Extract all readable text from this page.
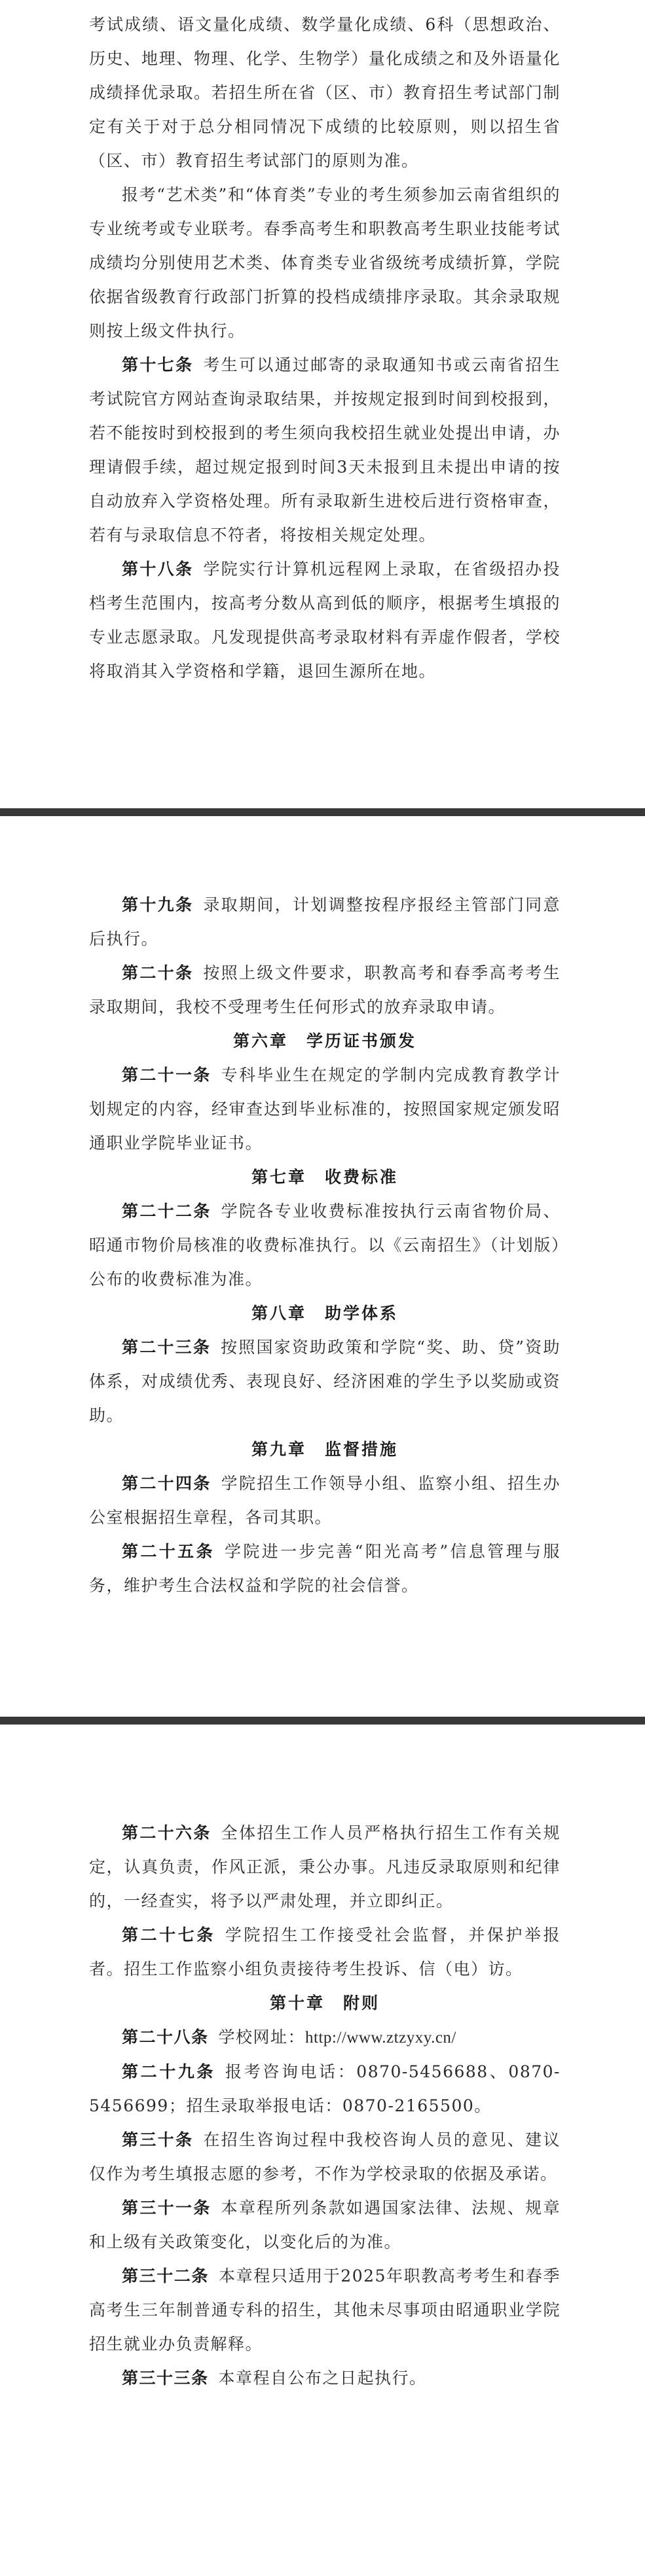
考试成绩、语文量化成绩、数学量化成绩、6科（思想政治、历史、地理、物理、化学、生物学）量化成绩之和及外语量化成绩择优录取。若招生所在省（区、市）教育招生考试部门制定有关于对于总分相同情况下成绩的比较原则，则以招生省（区、市）教育招生考试部门的原则为准。

报考“艺术类”和“体育类”专业的考生须参加云南省组织的专业统考或专业联考。春季高考生和职教高考生职业技能考试成绩均分别使用艺术类、体育类专业省级统考成绩折算，学院依据省级教育行政部门折算的投档成绩排序录取。其余录取规则按上级文件执行。

第十七条 考生可以通过邮寄的录取通知书或云南省招生考试院官方网站查询录取结果，并按规定报到时间到校报到，若不能按时到校报到的考生须向我校招生就业处提出申请，办理请假手续，超过规定报到时间3天未报到且未提出申请的按自动放弃入学资格处理。所有录取新生进校后进行资格审查，若有与录取信息不符者，将按相关规定处理。

第十八条 学院实行计算机远程网上录取，在省级招办投档考生范围内，按高考分数从高到低的顺序，根据考生填报的专业志愿录取。凡发现提供高考录取材料有弄虚作假者，学校将取消其入学资格和学籍，退回生源所在地。

第十九条 录取期间，计划调整按程序报经主管部门同意后执行。

第二十条 按照上级文件要求，职教高考和春季高考考生录取期间，我校不受理考生任何形式的放弃录取申请。

第六章　学历证书颁发

第二十一条 专科毕业生在规定的学制内完成教育教学计划规定的内容，经审查达到毕业标准的，按照国家规定颁发昭通职业学院毕业证书。

第七章　收费标准

第二十二条 学院各专业收费标准按执行云南省物价局、昭通市物价局核准的收费标准执行。以《云南招生》（计划版）公布的收费标准为准。

第八章　助学体系

第二十三条 按照国家资助政策和学院“奖、助、贷”资助体系，对成绩优秀、表现良好、经济困难的学生予以奖励或资助。

第九章　监督措施

第二十四条 学院招生工作领导小组、监察小组、招生办公室根据招生章程，各司其职。

第二十五条 学院进一步完善“阳光高考”信息管理与服务，维护考生合法权益和学院的社会信誉。

第二十六条 全体招生工作人员严格执行招生工作有关规定，认真负责，作风正派，秉公办事。凡违反录取原则和纪律的，一经查实，将予以严肃处理，并立即纠正。

第二十七条 学院招生工作接受社会监督，并保护举报者。招生工作监察小组负责接待考生投诉、信（电）访。

第十章　附则

第二十八条 学校网址：http://www.ztzyxy.cn/

第二十九条 报考咨询电话：0870-5456688、0870-5456699；招生录取举报电话：0870-2165500。

第三十条 在招生咨询过程中我校咨询人员的意见、建议仅作为考生填报志愿的参考，不作为学校录取的依据及承诺。

第三十一条 本章程所列条款如遇国家法律、法规、规章和上级有关政策变化，以变化后的为准。

第三十二条 本章程只适用于2025年职教高考考生和春季高考生三年制普通专科的招生，其他未尽事项由昭通职业学院招生就业办负责解释。

第三十三条 本章程自公布之日起执行。
